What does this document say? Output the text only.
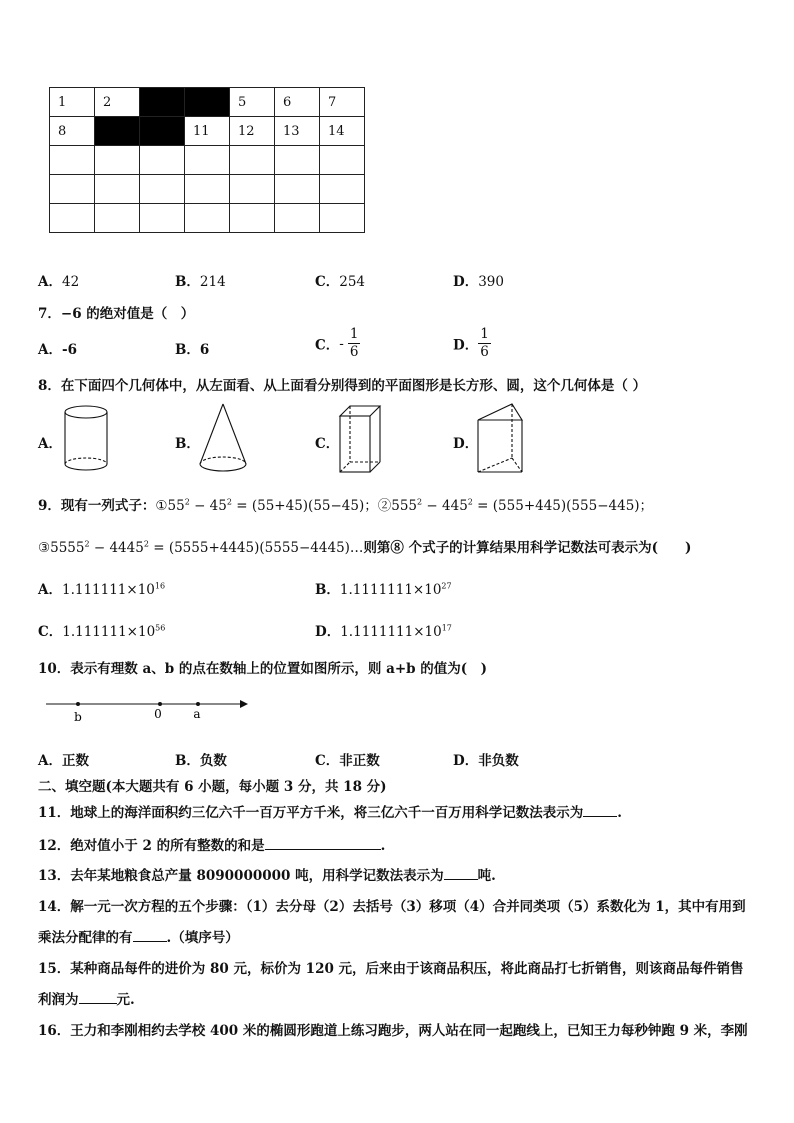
1	2			5	6	7
8			11	12	13	14

A．42	B．214	C．254	D．390
7．−6 的绝对值是（　）
A．-6	B．6	C．- $\frac{1}{6}$	D． $\frac{1}{6}$
8．在下面四个几何体中，从左面看、从上面看分别得到的平面图形是长方形、圆，这个几何体是（ ）
A．	B．	C．	D．
9．现有一列式子：$①55^2 - 45^2 = (55+45)(55-45)$；$②555^2 - 445^2 = (555+445)(555-445)$；
$③5555^2 - 4445^2$ = (5555+4445)(5555−4445)…则第⑧ 个式子的计算结果用科学记数法可表示为(　　)
A．$1.111111\times 10^{16}$	B．$1.1111111\times 10^{27}$
C．$1.111111\times 10^{56}$	D．$1.1111111\times 10^{17}$
10．表示有理数 a、b 的点在数轴上的位置如图所示，则 a+b 的值为(　)
b	0	a
A．正数	B．负数	C．非正数	D．非负数
二、填空题(本大题共有 6 小题，每小题 3 分，共 18 分)
11．地球上的海洋面积约三亿六千一百万平方千米，将三亿六千一百万用科学记数法表示为	.
12．绝对值小于 2 的所有整数的和是	.
13．去年某地粮食总产量 8090000000 吨，用科学记数法表示为	吨.
14．解一元一次方程的五个步骤：（1）去分母（2）去括号（3）移项（4）合并同类项（5）系数化为 1，其中有用到
乘法分配律的有	.（填序号）
15．某种商品每件的进价为 80 元，标价为 120 元，后来由于该商品积压，将此商品打七折销售，则该商品每件销售
利润为	元.
16．王力和李刚相约去学校 400 米的椭圆形跑道上练习跑步，两人站在同一起跑线上，已知王力每秒钟跑 9 米，李刚
